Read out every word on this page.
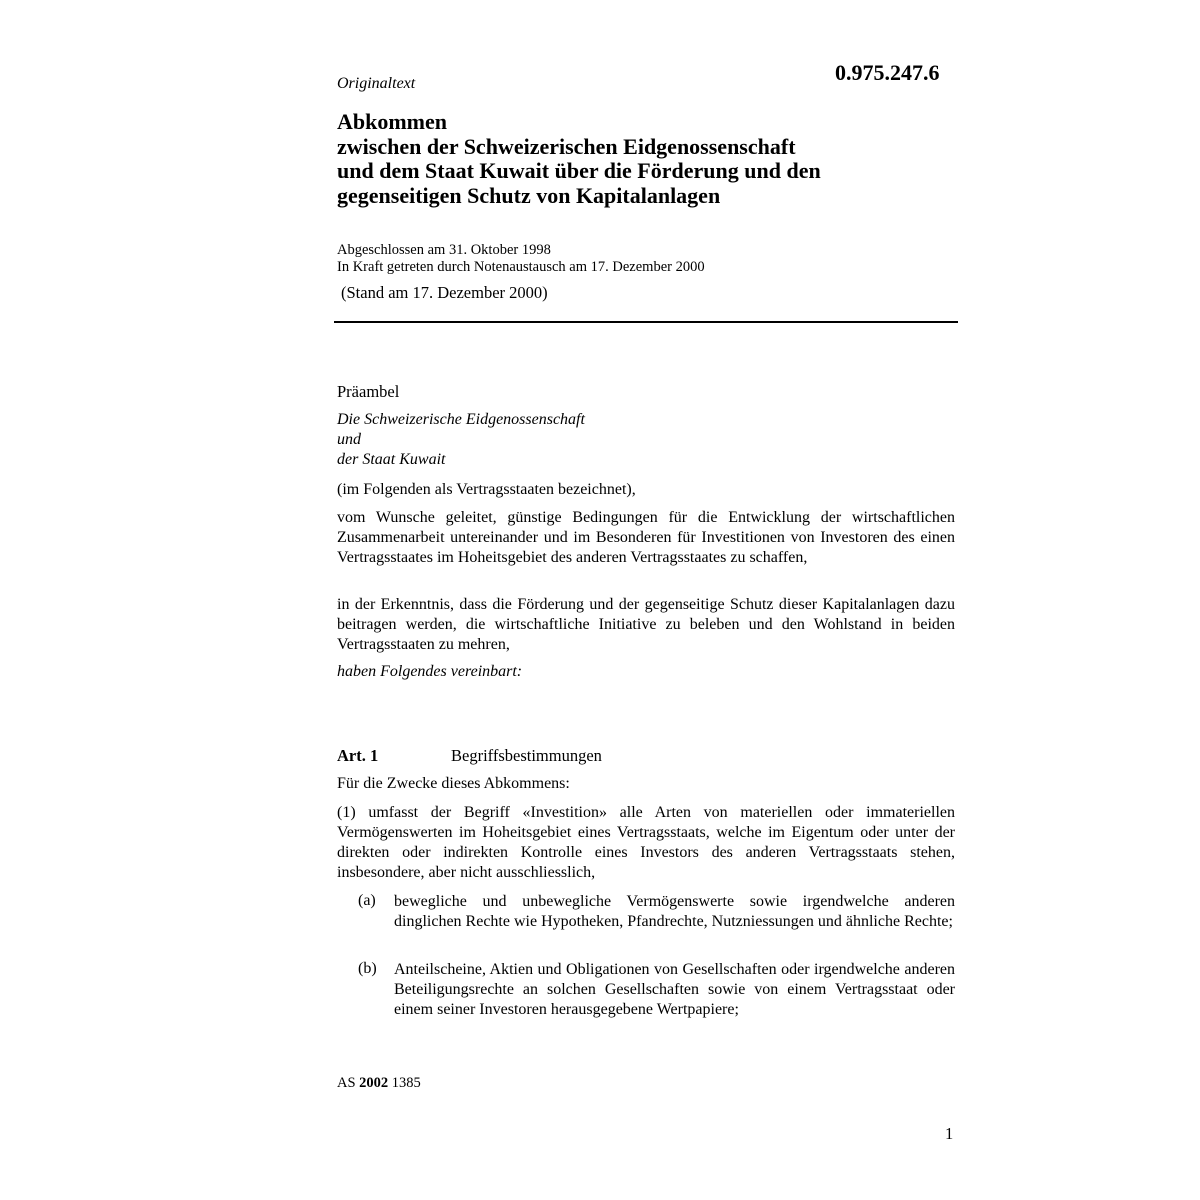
Originaltext	0.975.247.6
Abkommen
zwischen der Schweizerischen Eidgenossenschaft
und dem Staat Kuwait über die Förderung und den
gegenseitigen Schutz von Kapitalanlagen
Abgeschlossen am 31. Oktober 1998
In Kraft getreten durch Notenaustausch am 17. Dezember 2000
(Stand am 17. Dezember 2000)
Präambel
Die Schweizerische Eidgenossenschaft
und
der Staat Kuwait

(im Folgenden als Vertragsstaaten bezeichnet),

vom Wunsche geleitet, günstige Bedingungen für die Entwicklung der wirtschaftlichen Zusammenarbeit untereinander und im Besonderen für Investitionen von Investoren des einen Vertragsstaates im Hoheitsgebiet des anderen Vertragsstaates zu schaffen,

in der Erkenntnis, dass die Förderung und der gegenseitige Schutz dieser Kapitalanlagen dazu beitragen werden, die wirtschaftliche Initiative zu beleben und den Wohlstand in beiden Vertragsstaaten zu mehren,

haben Folgendes vereinbart:

Art. 1	Begriffsbestimmungen

Für die Zwecke dieses Abkommens:

(1) umfasst der Begriff «Investition» alle Arten von materiellen oder immateriellen Vermögenswerten im Hoheitsgebiet eines Vertragsstaats, welche im Eigentum oder unter der direkten oder indirekten Kontrolle eines Investors des anderen Vertragsstaats stehen, insbesondere, aber nicht ausschliesslich,

(a) bewegliche und unbewegliche Vermögenswerte sowie irgendwelche anderen dinglichen Rechte wie Hypotheken, Pfandrechte, Nutzniessungen und ähnliche Rechte;

(b) Anteilscheine, Aktien und Obligationen von Gesellschaften oder irgendwelche anderen Beteiligungsrechte an solchen Gesellschaften sowie von einem Vertragsstaat oder einem seiner Investoren herausgegebene Wertpapiere;

AS 2002 1385
1
